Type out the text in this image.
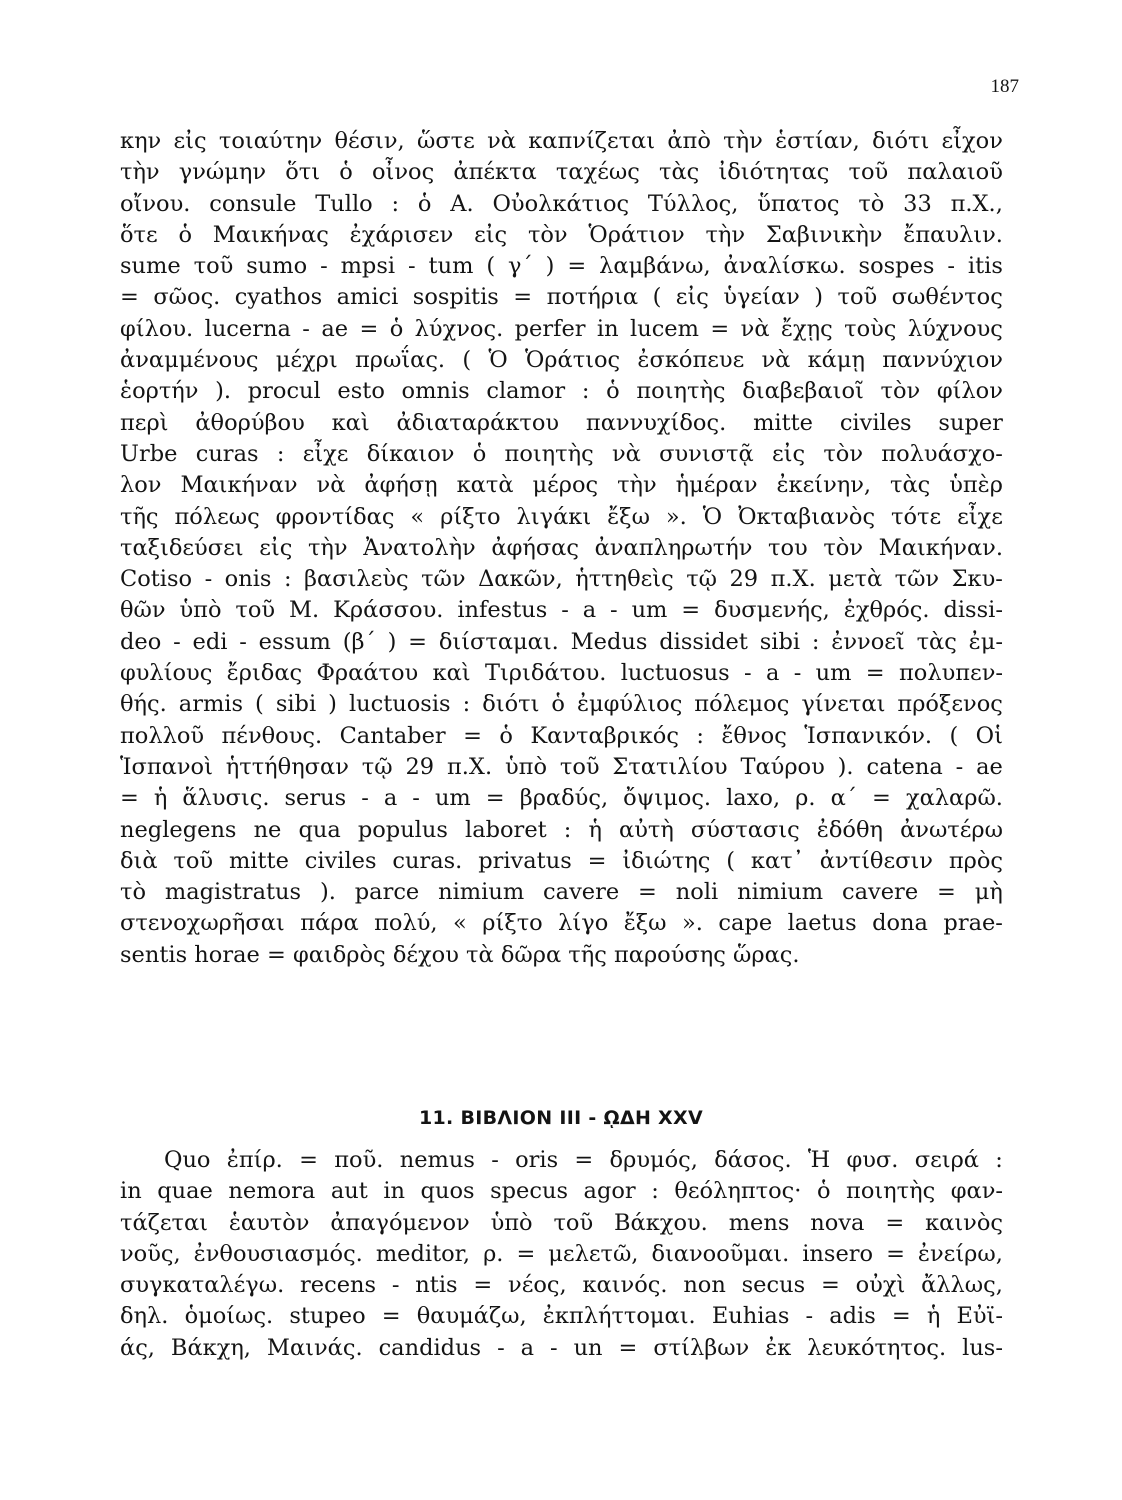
187
κην εἰς τοιαύτην θέσιν, ὥστε νὰ καπνίζεται ἀπὸ τὴν ἑστίαν, διότι εἶχον
τὴν γνώμην ὅτι ὁ οἶνος ἀπέκτα ταχέως τὰς ἰδιότητας τοῦ παλαιοῦ
οἴνου. consule Tullo : ὁ Α. Οὐολκάτιος Τύλλος, ὕπατος τὸ 33 π.Χ.,
ὅτε ὁ Μαικήνας ἐχάρισεν εἰς τὸν Ὁράτιον τὴν Σαβινικὴν ἔπαυλιν.
sume τοῦ sumo - mpsi - tum ( γ´ ) = λαμβάνω, ἀναλίσκω. sospes - itis
= σῶος. cyathos amici sospitis = ποτήρια ( εἰς ὑγείαν ) τοῦ σωθέντος
φίλου. lucerna - ae = ὁ λύχνος. perfer in lucem = νὰ ἔχῃς τοὺς λύχνους
ἀναμμένους μέχρι πρωΐας. ( Ὁ Ὁράτιος ἐσκόπευε νὰ κάμῃ παννύχιον
ἑορτήν ). procul esto omnis clamor : ὁ ποιητὴς διαβεβαιοῖ τὸν φίλον
περὶ ἀθορύβου καὶ ἀδιαταράκτου παννυχίδος. mitte civiles super
Urbe curas : εἶχε δίκαιον ὁ ποιητὴς νὰ συνιστᾷ εἰς τὸν πολυάσχο-
λον Μαικήναν νὰ ἀφήσῃ κατὰ μέρος τὴν ἡμέραν ἐκείνην, τὰς ὑπὲρ
τῆς πόλεως φροντίδας « ρίξτο λιγάκι ἔξω ». Ὁ Ὀκταβιανὸς τότε εἶχε
ταξιδεύσει εἰς τὴν Ἀνατολὴν ἀφήσας ἀναπληρωτήν του τὸν Μαικήναν.
Cotiso - onis : βασιλεὺς τῶν Δακῶν, ἡττηθεὶς τῷ 29 π.Χ. μετὰ τῶν Σκυ-
θῶν ὑπὸ τοῦ Μ. Κράσσου. infestus - a - um = δυσμενής, ἐχθρός. dissi-
deo - edi - essum (β´ ) = διίσταμαι. Medus dissidet sibi : ἐννοεῖ τὰς ἐμ-
φυλίους ἔριδας Φραάτου καὶ Τιριδάτου. luctuosus - a - um = πολυπεν-
θής. armis ( sibi ) luctuosis : διότι ὁ ἐμφύλιος πόλεμος γίνεται πρόξενος
πολλοῦ πένθους. Cantaber = ὁ Κανταβρικός : ἔθνος Ἱσπανικόν. ( Οἱ
Ἱσπανοὶ ἡττήθησαν τῷ 29 π.Χ. ὑπὸ τοῦ Στατιλίου Ταύρου ). catena - ae
= ἡ ἅλυσις. serus - a - um = βραδύς, ὄψιμος. laxo, ρ. α´ = χαλαρῶ.
neglegens ne qua populus laboret : ἡ αὐτὴ σύστασις ἐδόθη ἀνωτέρω
διὰ τοῦ mitte civiles curas. privatus = ἰδιώτης ( κατ᾽ ἀντίθεσιν πρὸς
τὸ magistratus ). parce nimium cavere = noli nimium cavere = μὴ
στενοχωρῆσαι πάρα πολύ, « ρίξτο λίγο ἔξω ». cape laetus dona prae-
sentis horae = φαιδρὸς δέχου τὰ δῶρα τῆς παρούσης ὥρας.
11. ΒΙΒΛΙΟΝ III - ῼΔΗ XXV
Quo ἐπίρ. = ποῦ. nemus - oris = δρυμός, δάσος. Ἡ φυσ. σειρά :
in quae nemora aut in quos specus agor : θεόληπτος· ὁ ποιητὴς φαν-
τάζεται ἑαυτὸν ἀπαγόμενον ὑπὸ τοῦ Βάκχου. mens nova = καινὸς
νοῦς, ἐνθουσιασμός. meditor, ρ. = μελετῶ, διανοοῦμαι. insero = ἐνείρω,
συγκαταλέγω. recens - ntis = νέος, καινός. non secus = οὐχὶ ἄλλως,
δηλ. ὁμοίως. stupeo = θαυμάζω, ἐκπλήττομαι. Euhias - adis = ἡ Εὐϊ-
άς, Βάκχη, Μαινάς. candidus - a - un = στίλβων ἐκ λευκότητος. lus-
